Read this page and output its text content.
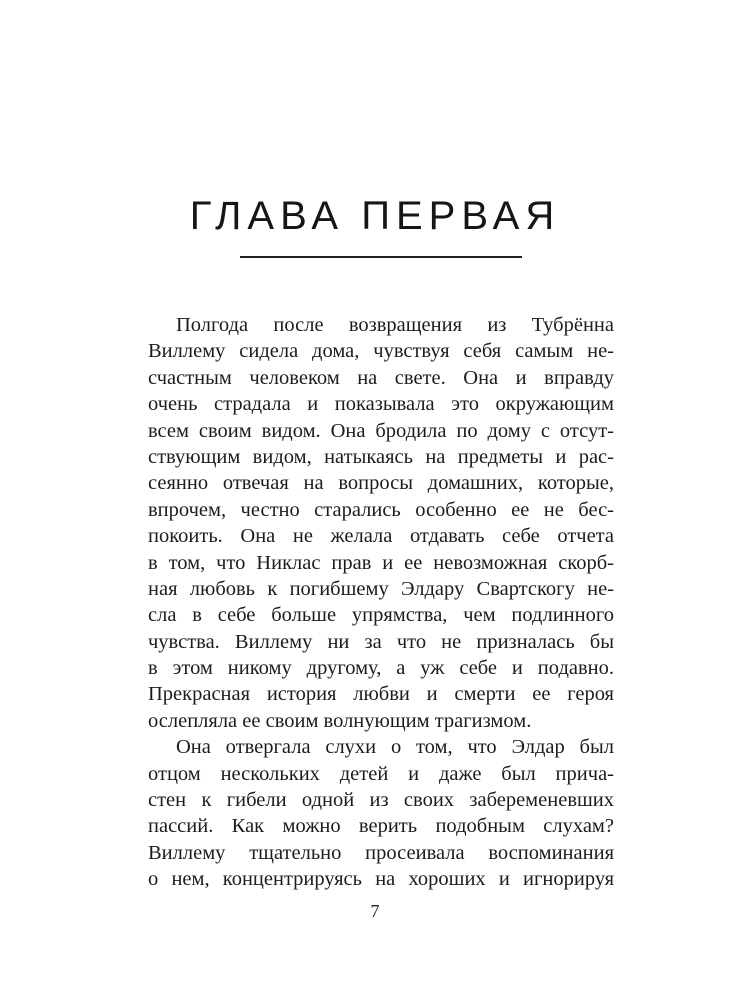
ГЛАВА ПЕРВАЯ
Полгода после возвращения из Тубрённа
Виллему сидела дома, чувствуя себя самым не-
счастным человеком на свете. Она и вправду
очень страдала и показывала это окружающим
всем своим видом. Она бродила по дому с отсут-
ствующим видом, натыкаясь на предметы и рас-
сеянно отвечая на вопросы домашних, которые,
впрочем, честно старались особенно ее не бес-
покоить. Она не желала отдавать себе отчета
в том, что Никлас прав и ее невозможная скорб-
ная любовь к погибшему Элдару Свартскогу не-
сла в себе больше упрямства, чем подлинного
чувства. Виллему ни за что не призналась бы
в этом никому другому, а уж себе и подавно.
Прекрасная история любви и смерти ее героя
ослепляла ее своим волнующим трагизмом.
Она отвергала слухи о том, что Элдар был
отцом нескольких детей и даже был прича-
стен к гибели одной из своих забеременевших
пассий. Как можно верить подобным слухам?
Виллему тщательно просеивала воспоминания
о нем, концентрируясь на хороших и игнорируя
7
